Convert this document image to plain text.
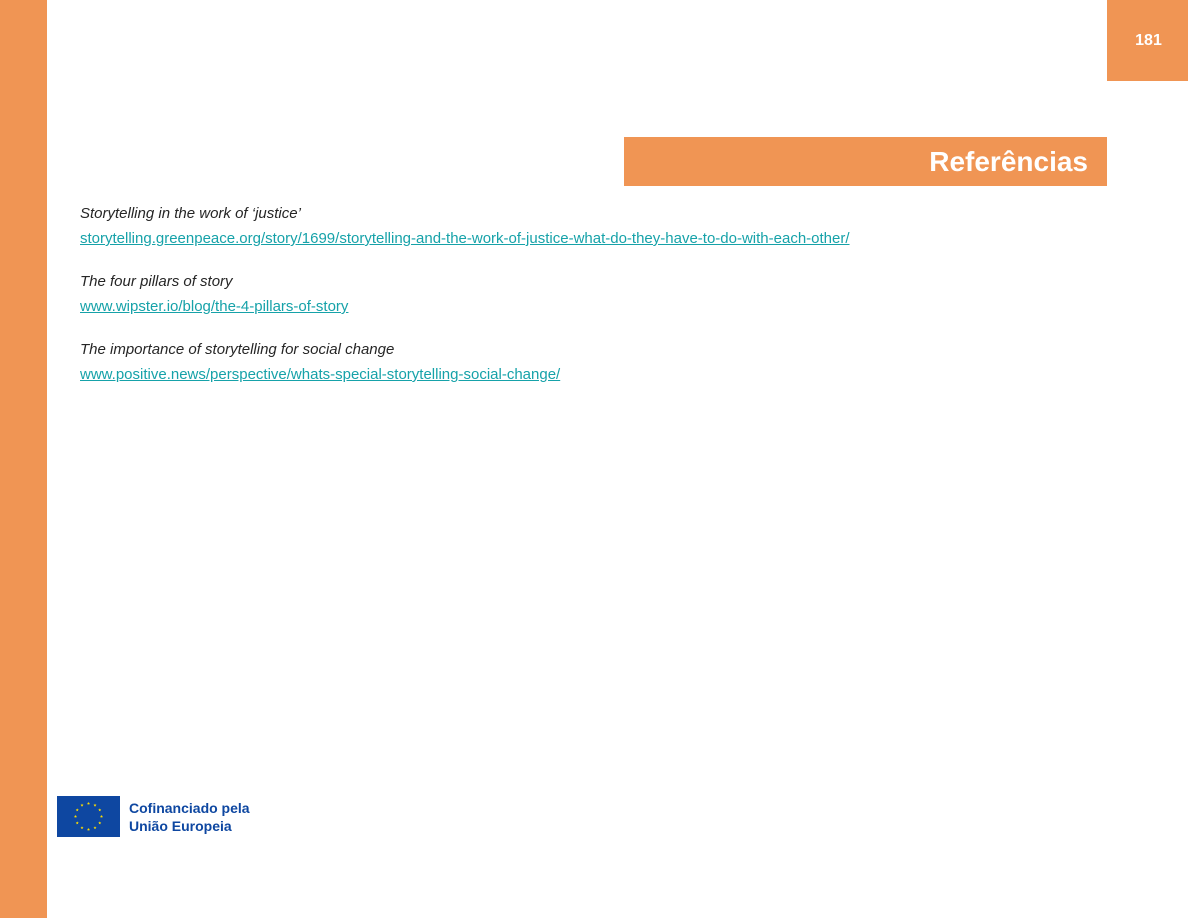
181
Referências
Storytelling in the work of ‘justice’
storytelling.greenpeace.org/story/1699/storytelling-and-the-work-of-justice-what-do-they-have-to-do-with-each-other/
The four pillars of story
www.wipster.io/blog/the-4-pillars-of-story
The importance of storytelling for social change
www.positive.news/perspective/whats-special-storytelling-social-change/
Cofinanciado pela
União Europeia
